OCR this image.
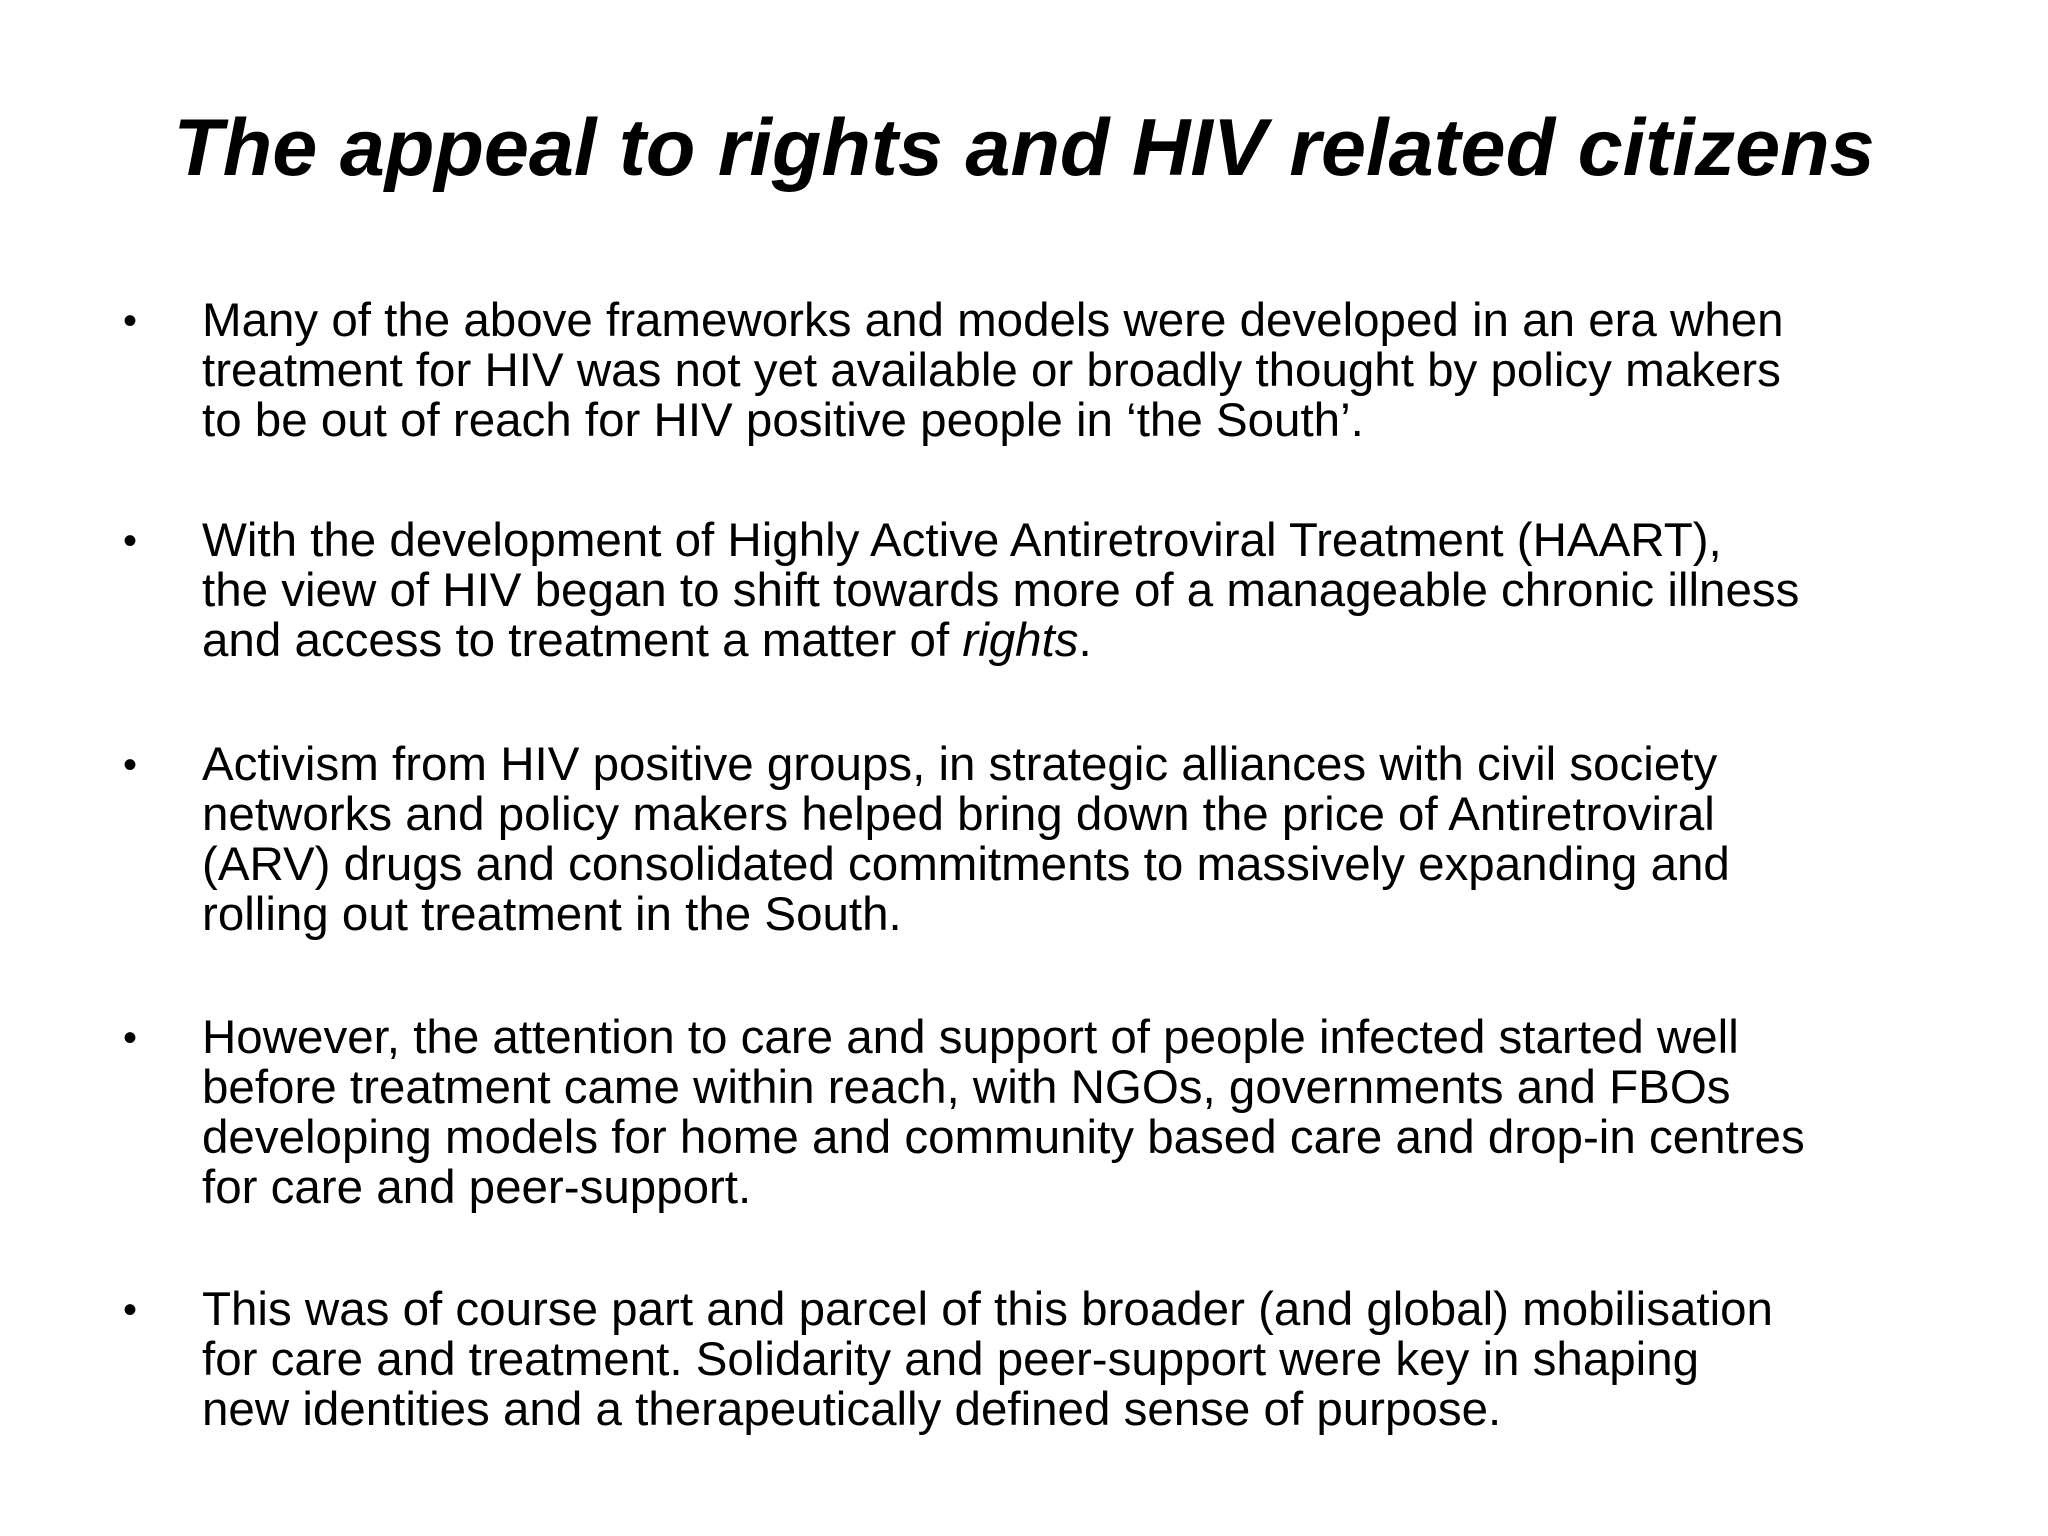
The appeal to rights and HIV related citizens
• Many of the above frameworks and models were developed in an era when
treatment for HIV was not yet available or broadly thought by policy makers
to be out of reach for HIV positive people in ‘the South’.
• With the development of Highly Active Antiretroviral Treatment (HAART),
the view of HIV began to shift towards more of a manageable chronic illness
and access to treatment a matter of rights.
• Activism from HIV positive groups, in strategic alliances with civil society
networks and policy makers helped bring down the price of Antiretroviral
(ARV) drugs and consolidated commitments to massively expanding and
rolling out treatment in the South.
• However, the attention to care and support of people infected started well
before treatment came within reach, with NGOs, governments and FBOs
developing models for home and community based care and drop-in centres
for care and peer-support.
• This was of course part and parcel of this broader (and global) mobilisation
for care and treatment. Solidarity and peer-support were key in shaping
new identities and a therapeutically defined sense of purpose.
